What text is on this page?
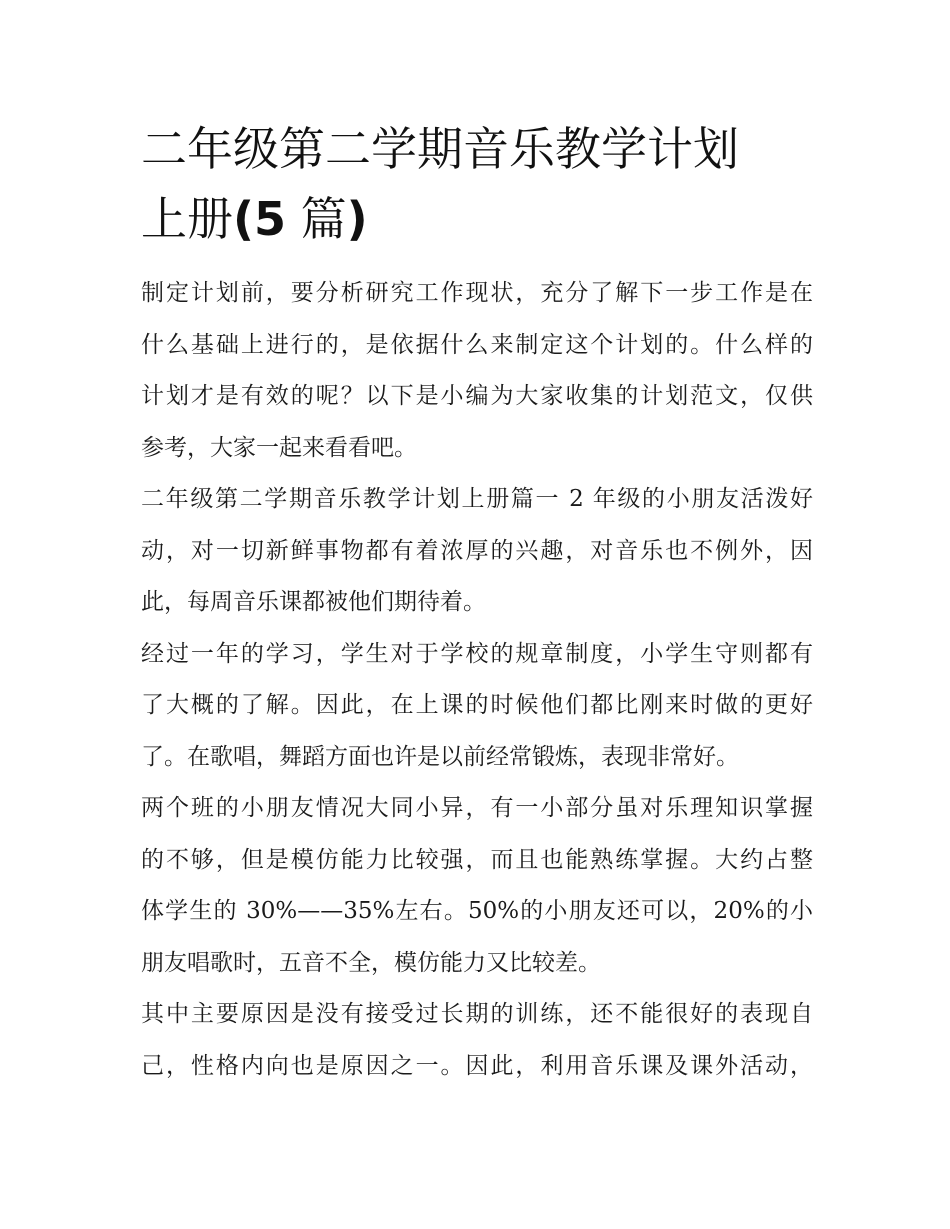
二年级第二学期音乐教学计划
上册(5 篇)

制定计划前，要分析研究工作现状，充分了解下一步工作是在
什么基础上进行的，是依据什么来制定这个计划的。什么样的
计划才是有效的呢？以下是小编为大家收集的计划范文，仅供
参考，大家一起来看看吧。

二年级第二学期音乐教学计划上册篇一 2 年级的小朋友活泼好
动，对一切新鲜事物都有着浓厚的兴趣，对音乐也不例外，因
此，每周音乐课都被他们期待着。

经过一年的学习，学生对于学校的规章制度，小学生守则都有
了大概的了解。因此，在上课的时候他们都比刚来时做的更好
了。在歌唱，舞蹈方面也许是以前经常锻炼，表现非常好。

两个班的小朋友情况大同小异，有一小部分虽对乐理知识掌握
的不够，但是模仿能力比较强，而且也能熟练掌握。大约占整
体学生的 30%——35%左右。50%的小朋友还可以，20%的小
朋友唱歌时，五音不全，模仿能力又比较差。

其中主要原因是没有接受过长期的训练，还不能很好的表现自
己，性格内向也是原因之一。因此，利用音乐课及课外活动，
